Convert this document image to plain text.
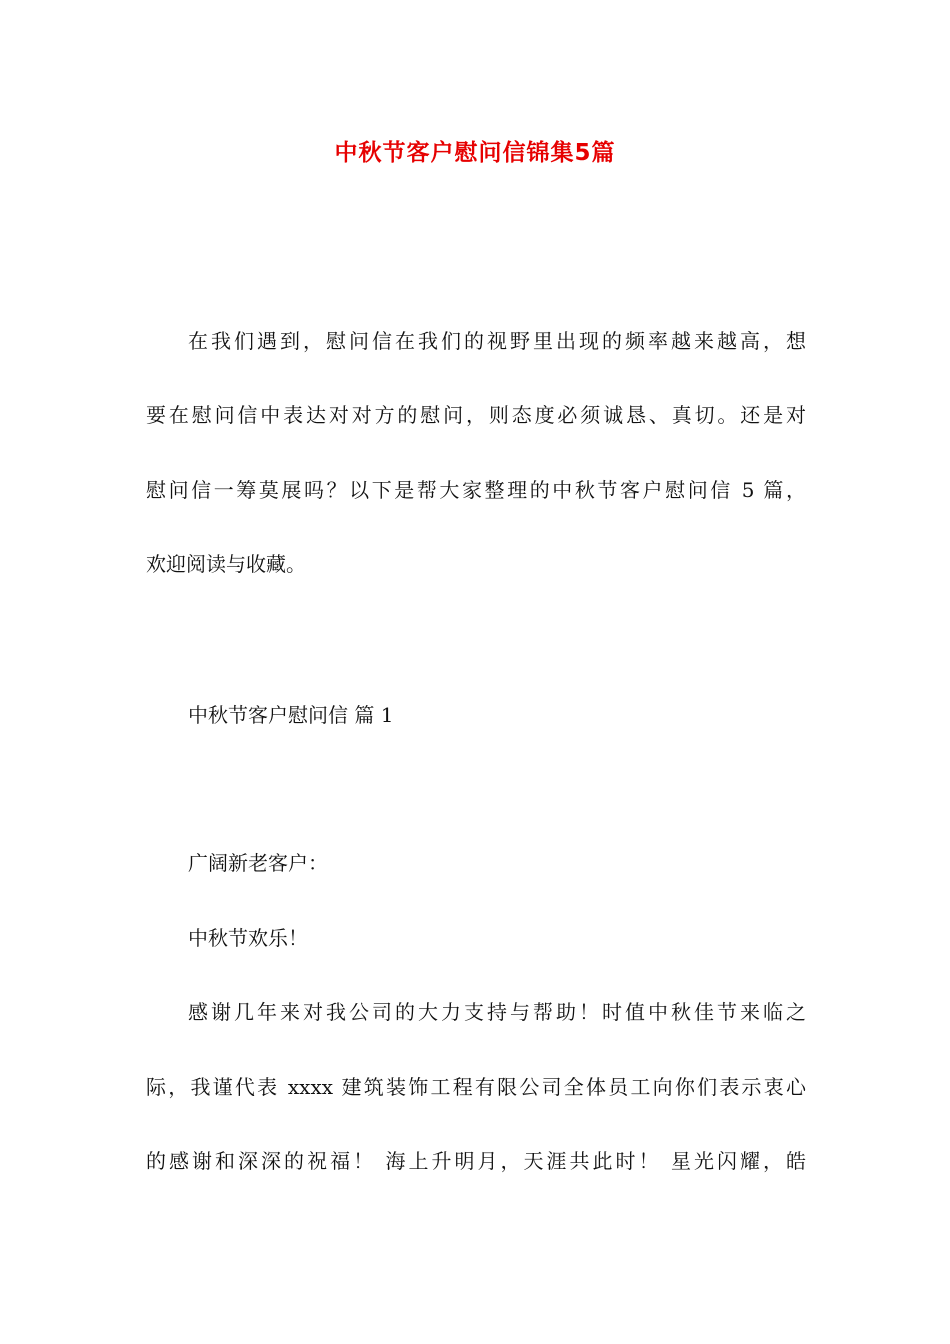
中秋节客户慰问信锦集5篇

在我们遇到，慰问信在我们的视野里出现的频率越来越高，想

要在慰问信中表达对对方的慰问，则态度必须诚恳、真切。还是对

慰问信一筹莫展吗？以下是帮大家整理的中秋节客户慰问信 5 篇，

欢迎阅读与收藏。

中秋节客户慰问信 篇 1

广阔新老客户：

中秋节欢乐！

感谢几年来对我公司的大力支持与帮助！时值中秋佳节来临之

际，我谨代表 xxxx 建筑装饰工程有限公司全体员工向你们表示衷心

的感谢和深深的祝福！ 海上升明月，天涯共此时！ 星光闪耀，皓
